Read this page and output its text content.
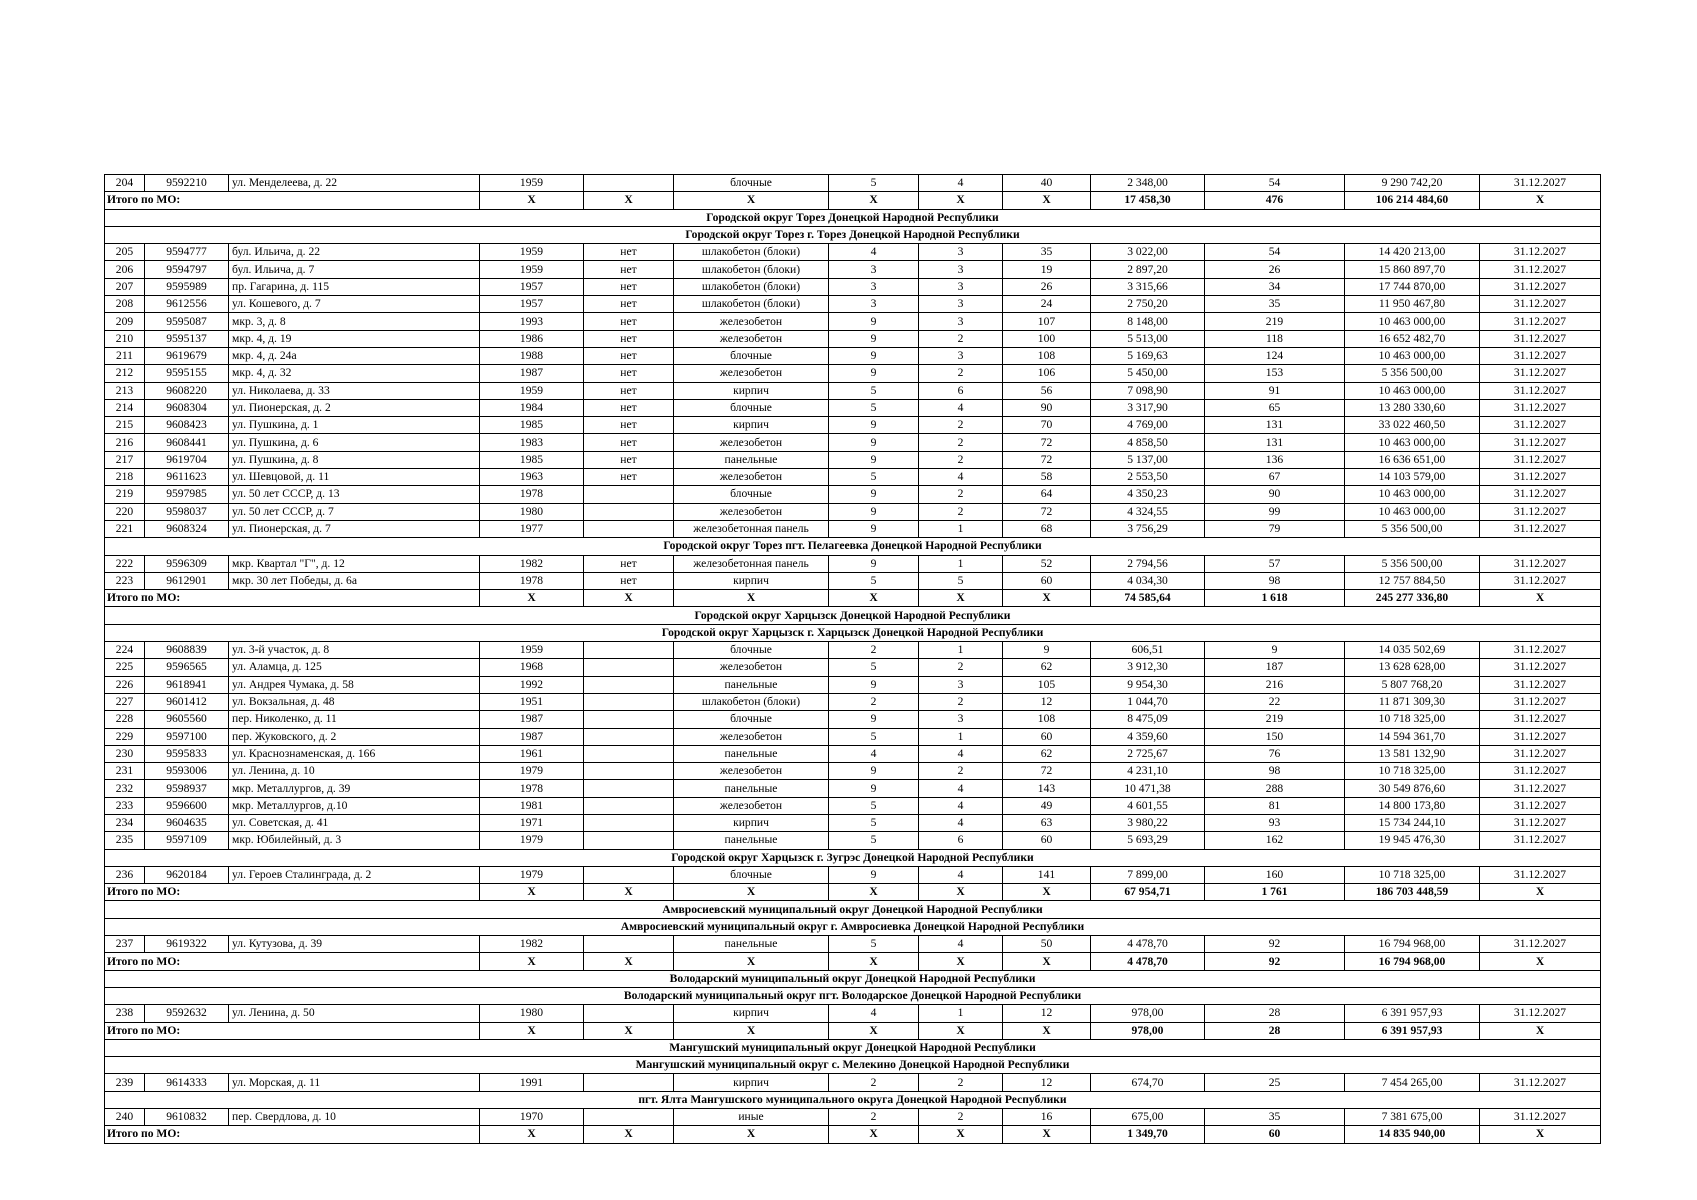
204	9592210	ул. Менделеева, д. 22	1959		блочные	5	4	40	2 348,00	54	9 290 742,20	31.12.2027
Итого по МО:			X	X	X	X	X	X	17 458,30	476	106 214 484,60	X
Городской округ Торез Донецкой Народной Республики												
Городской округ Торез г. Торез Донецкой Народной Республики												
205	9594777	бул. Ильича, д. 22	1959	нет	шлакобетон (блоки)	4	3	35	3 022,00	54	14 420 213,00	31.12.2027
206	9594797	бул. Ильича, д. 7	1959	нет	шлакобетон (блоки)	3	3	19	2 897,20	26	15 860 897,70	31.12.2027
207	9595989	пр. Гагарина, д. 115	1957	нет	шлакобетон (блоки)	3	3	26	3 315,66	34	17 744 870,00	31.12.2027
208	9612556	ул. Кошевого, д. 7	1957	нет	шлакобетон (блоки)	3	3	24	2 750,20	35	11 950 467,80	31.12.2027
209	9595087	мкр. 3, д. 8	1993	нет	железобетон	9	3	107	8 148,00	219	10 463 000,00	31.12.2027
210	9595137	мкр. 4, д. 19	1986	нет	железобетон	9	2	100	5 513,00	118	16 652 482,70	31.12.2027
211	9619679	мкр. 4, д. 24а	1988	нет	блочные	9	3	108	5 169,63	124	10 463 000,00	31.12.2027
212	9595155	мкр. 4, д. 32	1987	нет	железобетон	9	2	106	5 450,00	153	5 356 500,00	31.12.2027
213	9608220	ул. Николаева, д. 33	1959	нет	кирпич	5	6	56	7 098,90	91	10 463 000,00	31.12.2027
214	9608304	ул. Пионерская, д. 2	1984	нет	блочные	5	4	90	3 317,90	65	13 280 330,60	31.12.2027
215	9608423	ул. Пушкина, д. 1	1985	нет	кирпич	9	2	70	4 769,00	131	33 022 460,50	31.12.2027
216	9608441	ул. Пушкина, д. 6	1983	нет	железобетон	9	2	72	4 858,50	131	10 463 000,00	31.12.2027
217	9619704	ул. Пушкина, д. 8	1985	нет	панельные	9	2	72	5 137,00	136	16 636 651,00	31.12.2027
218	9611623	ул. Шевцовой, д. 11	1963	нет	железобетон	5	4	58	2 553,50	67	14 103 579,00	31.12.2027
219	9597985	ул. 50 лет СССР, д. 13	1978		блочные	9	2	64	4 350,23	90	10 463 000,00	31.12.2027
220	9598037	ул. 50 лет СССР, д. 7	1980		железобетон	9	2	72	4 324,55	99	10 463 000,00	31.12.2027
221	9608324	ул. Пионерская, д. 7	1977		железобетонная панель	9	1	68	3 756,29	79	5 356 500,00	31.12.2027
Городской округ Торез пгт. Пелагеевка Донецкой Народной Республики												
222	9596309	мкр. Квартал "Г", д. 12	1982	нет	железобетонная панель	9	1	52	2 794,56	57	5 356 500,00	31.12.2027
223	9612901	мкр. 30 лет Победы, д. 6а	1978	нет	кирпич	5	5	60	4 034,30	98	12 757 884,50	31.12.2027
Итого по МО:			X	X	X	X	X	X	74 585,64	1 618	245 277 336,80	X
Городской округ Харцызск Донецкой Народной Республики												
Городской округ Харцызск г. Харцызск Донецкой Народной Республики												
224	9608839	ул. 3-й участок, д. 8	1959		блочные	2	1	9	606,51	9	14 035 502,69	31.12.2027
225	9596565	ул. Аламца, д. 125	1968		железобетон	5	2	62	3 912,30	187	13 628 628,00	31.12.2027
226	9618941	ул. Андрея Чумака, д. 58	1992		панельные	9	3	105	9 954,30	216	5 807 768,20	31.12.2027
227	9601412	ул. Вокзальная, д. 48	1951		шлакобетон (блоки)	2	2	12	1 044,70	22	11 871 309,30	31.12.2027
228	9605560	пер. Николенко, д. 11	1987		блочные	9	3	108	8 475,09	219	10 718 325,00	31.12.2027
229	9597100	пер. Жуковского, д. 2	1987		железобетон	5	1	60	4 359,60	150	14 594 361,70	31.12.2027
230	9595833	ул. Краснознаменская, д. 166	1961		панельные	4	4	62	2 725,67	76	13 581 132,90	31.12.2027
231	9593006	ул. Ленина, д. 10	1979		железобетон	9	2	72	4 231,10	98	10 718 325,00	31.12.2027
232	9598937	мкр. Металлургов, д. 39	1978		панельные	9	4	143	10 471,38	288	30 549 876,60	31.12.2027
233	9596600	мкр. Металлургов, д.10	1981		железобетон	5	4	49	4 601,55	81	14 800 173,80	31.12.2027
234	9604635	ул. Советская, д. 41	1971		кирпич	5	4	63	3 980,22	93	15 734 244,10	31.12.2027
235	9597109	мкр. Юбилейный, д. 3	1979		панельные	5	6	60	5 693,29	162	19 945 476,30	31.12.2027
Городской округ Харцызск г. Зугрэс Донецкой Народной Республики												
236	9620184	ул. Героев Сталинграда, д. 2	1979		блочные	9	4	141	7 899,00	160	10 718 325,00	31.12.2027
Итого по МО:			X	X	X	X	X	X	67 954,71	1 761	186 703 448,59	X
Амвросиевский муниципальный округ Донецкой Народной Республики												
Амвросиевский муниципальный округ г. Амвросиевка Донецкой Народной Республики												
237	9619322	ул. Кутузова, д. 39	1982		панельные	5	4	50	4 478,70	92	16 794 968,00	31.12.2027
Итого по МО:			X	X	X	X	X	X	4 478,70	92	16 794 968,00	X
Володарский муниципальный округ Донецкой Народной Республики												
Володарский муниципальный округ пгт. Володарское Донецкой Народной Республики												
238	9592632	ул. Ленина, д. 50	1980		кирпич	4	1	12	978,00	28	6 391 957,93	31.12.2027
Итого по МО:			X	X	X	X	X	X	978,00	28	6 391 957,93	X
Мангушский муниципальный округ Донецкой Народной Республики												
Мангушский муниципальный округ с. Мелекино Донецкой Народной Республики												
239	9614333	ул. Морская, д. 11	1991		кирпич	2	2	12	674,70	25	7 454 265,00	31.12.2027
пгт. Ялта Мангушского муниципального округа Донецкой Народной Республики												
240	9610832	пер. Свердлова, д. 10	1970		иные	2	2	16	675,00	35	7 381 675,00	31.12.2027
Итого по МО:			X	X	X	X	X	X	1 349,70	60	14 835 940,00	X
